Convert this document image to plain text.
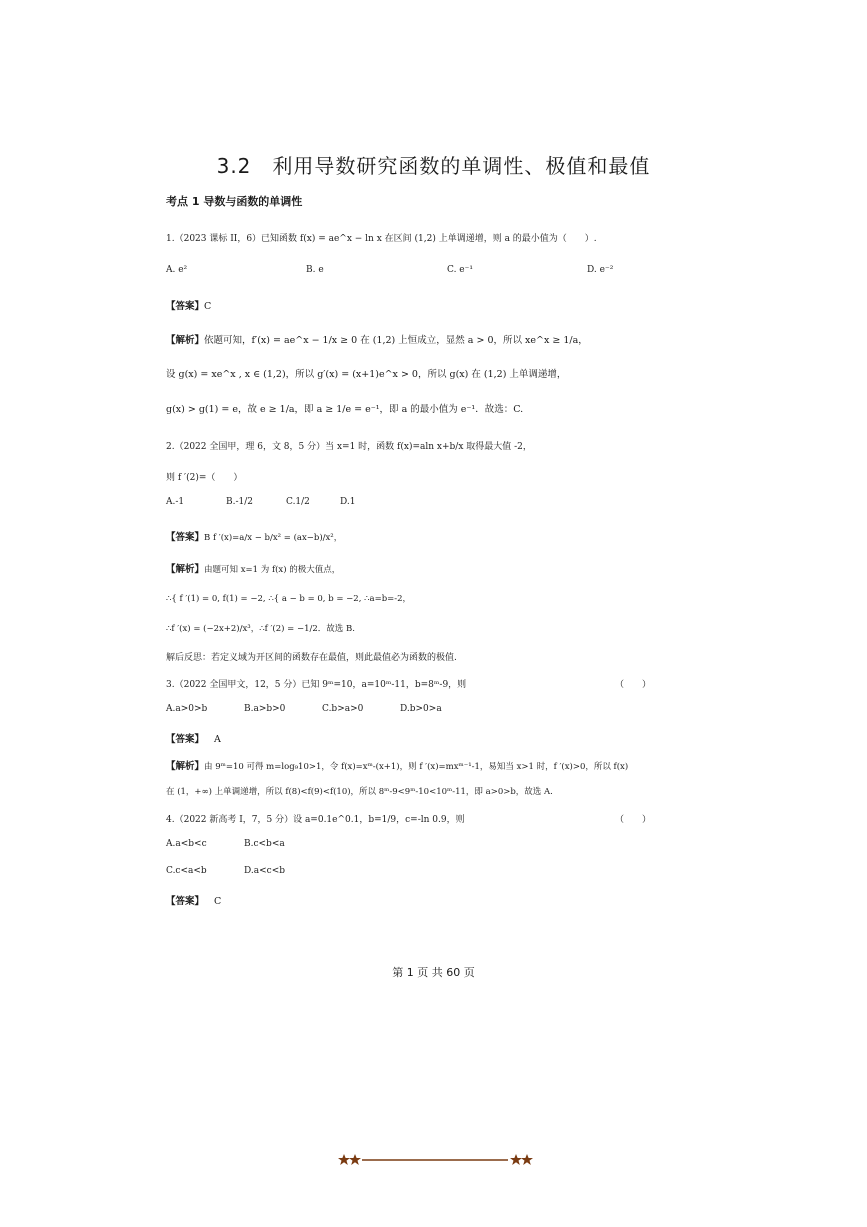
3.2　利用导数研究函数的单调性、极值和最值
考点 1 导数与函数的单调性
1.（2023 课标 II，6）已知函数 f(x) = ae^x − ln x 在区间 (1,2) 上单调递增，则 a 的最小值为（　　）.
A. e²	B. e	C. e⁻¹	D. e⁻²
【答案】C
【解析】依题可知，f′(x) = ae^x − 1/x ≥ 0 在 (1,2) 上恒成立，显然 a > 0，所以 xe^x ≥ 1/a，
设 g(x) = xe^x , x ∈ (1,2)，所以 g′(x) = (x+1)e^x > 0，所以 g(x) 在 (1,2) 上单调递增，
g(x) > g(1) = e，故 e ≥ 1/a，即 a ≥ 1/e = e⁻¹，即 a 的最小值为 e⁻¹．故选：C.
2.（2022 全国甲，理 6，文 8，5 分）当 x=1 时，函数 f(x)=aln x+b/x 取得最大值 -2，
则 f ′(2)=（　　）
A.-1	B.-1/2	C.1/2	D.1
【答案】B f ′(x)=a/x − b/x² = (ax−b)/x²，
【解析】由题可知 x=1 为 f(x) 的极大值点，
∴{ f ′(1) = 0, f(1) = −2, ∴{ a − b = 0, b = −2, ∴a=b=-2，
∴f ′(x) = (−2x+2)/x³，∴f ′(2) = −1/2．故选 B.
解后反思：若定义域为开区间的函数存在最值，则此最值必为函数的极值.
3.（2022 全国甲文，12，5 分）已知 9ᵐ=10，a=10ᵐ-11，b=8ᵐ-9，则	（　　）
A.a>0>b	B.a>b>0	C.b>a>0	D.b>0>a
【答案】 A
【解析】由 9ᵐ=10 可得 m=log₉10>1，令 f(x)=xᵐ-(x+1)，则 f ′(x)=mxᵐ⁻¹-1，易知当 x>1 时，f ′(x)>0，所以 f(x)
在 (1，+∞) 上单调递增，所以 f(8)<f(9)<f(10)，所以 8ᵐ-9<9ᵐ-10<10ᵐ-11，即 a>0>b，故选 A.
4.（2022 新高考 I，7，5 分）设 a=0.1e^0.1，b=1/9，c=-ln 0.9，则	（　　）
A.a<b<c	B.c<b<a
C.c<a<b	D.a<c<b
【答案】 C
第 1 页 共 60 页
